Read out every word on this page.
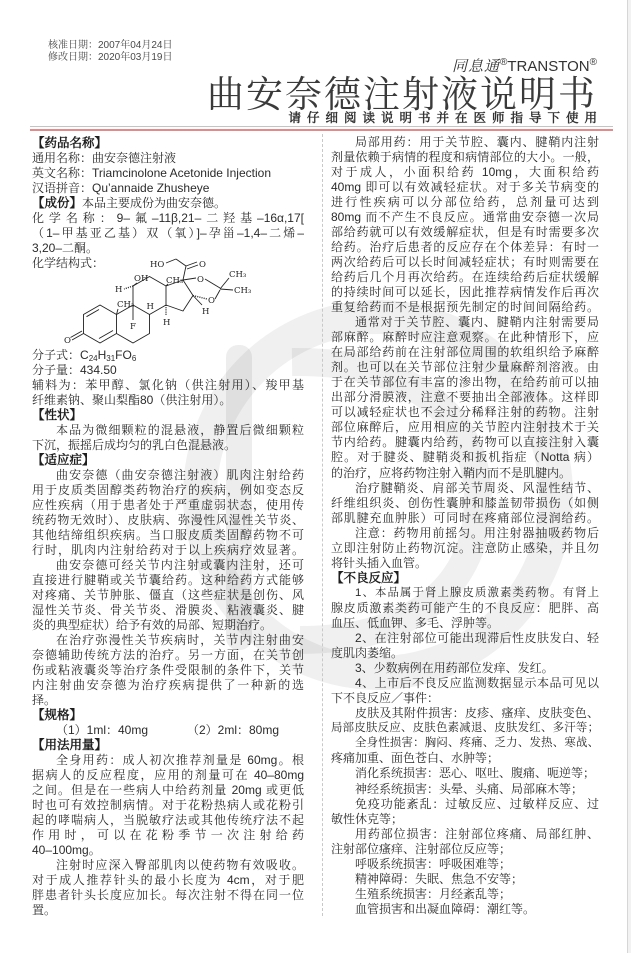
核准日期：2007年04月24日
修改日期：2020年03月19日	同息通®TRANSTON®
曲安奈德注射液说明书
请仔细阅读说明书并在医师指导下使用
HO	O
O
O
CH₃
CH₃
CH₃
CH₃
OH
H
H
H
H
F
O
【药品名称】
通用名称：曲安奈德注射液
英文名称：Triamcinolone Acetonide Injection
汉语拼音：Qu’annaide Zhusheye
【成份】本品主要成份为曲安奈德。
化学名称：9–氟–11β,21–二羟基–16α,17[
（1–甲基亚乙基）双（氧）]–孕甾–1,4–二烯–
3,20–二酮。
化学结构式：
分子式：$C_{24}H_{31}FO_6$
分子量：434.50
辅料为：苯甲醇、氯化钠（供注射用）、羧甲基
纤维素钠、聚山梨酯80（供注射用）。
【性状】
本品为微细颗粒的混悬液，静置后微细颗粒
下沉，振摇后成均匀的乳白色混悬液。
【适应症】
曲安奈德（曲安奈德注射液）肌肉注射给药
用于皮质类固醇类药物治疗的疾病，例如变态反
应性疾病（用于患者处于严重虚弱状态，使用传
统药物无效时）、皮肤病、弥漫性风湿性关节炎、
其他结缔组织疾病。当口服皮质类固醇药物不可
行时，肌肉内注射给药对于以上疾病疗效显著。
曲安奈德可经关节内注射或囊内注射，还可
直接进行腱鞘或关节囊给药。这种给药方式能够
对疼痛、关节肿胀、僵直（这些症状是创伤、风
湿性关节炎、骨关节炎、滑膜炎、粘液囊炎、腱
炎的典型症状）给予有效的局部、短期治疗。
在治疗弥漫性关节疾病时，关节内注射曲安
奈德辅助传统方法的治疗。另一方面，在关节创
伤或粘液囊炎等治疗条件受限制的条件下，关节
内注射曲安奈德为治疗疾病提供了一种新的选
择。
【规格】
（1）1ml：40mg	（2）2ml：80mg
【用法用量】
全身用药：成人初次推荐剂量是 60mg。根
据病人的反应程度，应用的剂量可在 40–80mg
之间。但是在一些病人中给药剂量 20mg 或更低
时也可有效控制病情。对于花粉热病人或花粉引
起的哮喘病人，当脱敏疗法或其他传统疗法不起
作用时，可以在花粉季节一次注射给药
40–100mg。
注射时应深入臀部肌肉以使药物有效吸收。
对于成人推荐针头的最小长度为 4cm，对于肥
胖患者针头长度应加长。每次注射不得在同一位
置。
局部用药：用于关节腔、囊内、腱鞘内注射
剂量依赖于病情的程度和病情部位的大小。一般，
对于成人，小面积给药 10mg，大面积给药
40mg 即可以有效减轻症状。对于多关节病变的
进行性疾病可以分部位给药，总剂量可达到
80mg 而不产生不良反应。通常曲安奈德一次局
部给药就可以有效缓解症状，但是有时需要多次
给药。治疗后患者的反应存在个体差异：有时一
两次给药后可以长时间减轻症状；有时则需要在
给药后几个月再次给药。在连续给药后症状缓解
的持续时间可以延长，因此推荐病情发作后再次
重复给药而不是根据预先制定的时间间隔给药。
通常对于关节腔、囊内、腱鞘内注射需要局
部麻醉。麻醉时应注意观察。在此种情形下，应
在局部给药前在注射部位周围的软组织给予麻醉
剂。也可以在关节部位注射少量麻醉剂溶液。由
于在关节部位有丰富的渗出物，在给药前可以抽
出部分滑膜液，注意不要抽出全部液体。这样即
可以减轻症状也不会过分稀释注射的药物。注射
部位麻醉后，应用相应的关节腔内注射技术于关
节内给药。腱囊内给药，药物可以直接注射入囊
腔。对于腱炎、腱鞘炎和扳机指症（Notta 病）
的治疗，应将药物注射入鞘内而不是肌腱内。
治疗腱鞘炎、肩部关节周炎、风湿性结节、
纤维组织炎、创伤性囊肿和膝盖韧带损伤（如侧
部肌腱充血肿胀）可同时在疼痛部位浸润给药。
注意：药物用前摇匀。用注射器抽吸药物后
立即注射防止药物沉淀。注意防止感染，并且勿
将针头插入血管。
【不良反应】
1、本品属于肾上腺皮质激素类药物。有肾上
腺皮质激素类药可能产生的不良反应：肥胖、高
血压、低血钾、多毛、浮肿等。
2、在注射部位可能出现滞后性皮肤发白、轻
度肌肉萎缩。
3、少数病例在用药部位发痒、发红。
4、上市后不良反应监测数据显示本品可见以
下不良反应／事件：
皮肤及其附件损害：皮疹、瘙痒、皮肤变色、
局部皮肤反应、皮肤色素减退、皮肤发红、多汗等；
全身性损害：胸闷、疼痛、乏力、发热、寒战、
疼痛加重、面色苍白、水肿等；
消化系统损害：恶心、呕吐、腹痛、呃逆等；
神经系统损害：头晕、头痛、局部麻木等；
免疫功能紊乱：过敏反应、过敏样反应、过
敏性休克等；
用药部位损害：注射部位疼痛、局部红肿、
注射部位瘙痒、注射部位反应等；
呼吸系统损害：呼吸困难等；
精神障碍：失眠、焦急不安等；
生殖系统损害：月经紊乱等；
血管损害和出凝血障碍：潮红等。
